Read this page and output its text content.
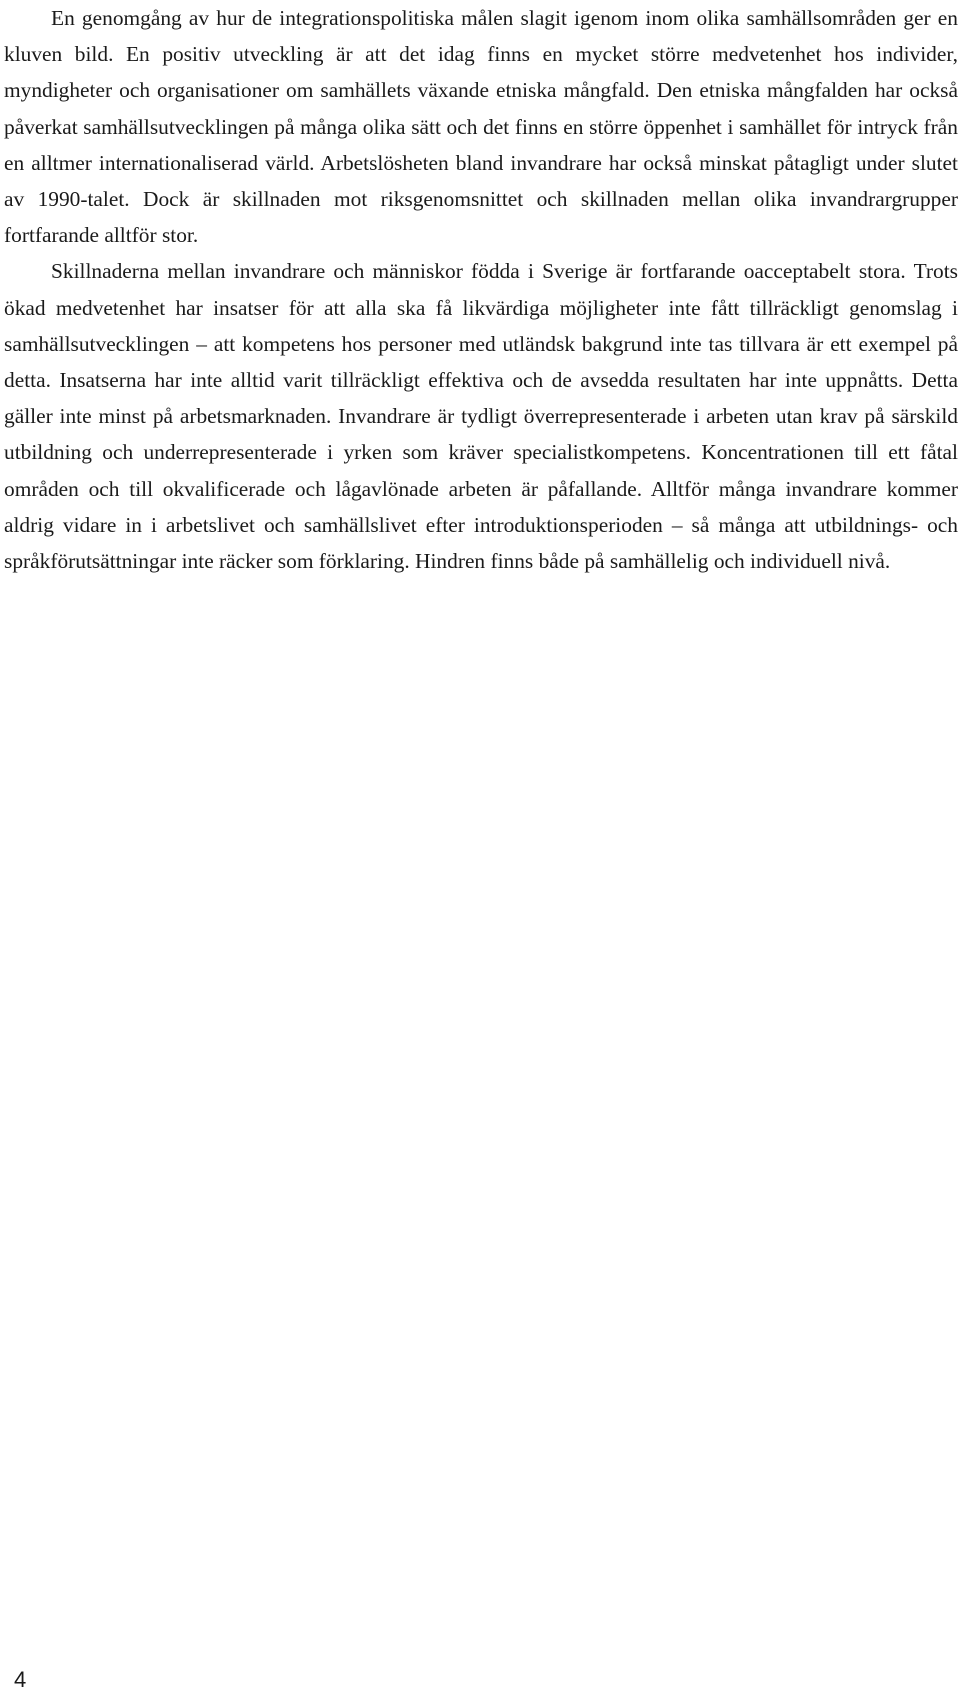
En genomgång av hur de integrationspolitiska målen slagit igenom inom olika samhällsområden ger en kluven bild. En positiv utveckling är att det idag finns en mycket större medvetenhet hos individer, myndigheter och organisationer om samhällets växande etniska mångfald. Den etniska mångfalden har också påverkat samhällsutvecklingen på många olika sätt och det finns en större öppenhet i samhället för intryck från en alltmer internationaliserad värld. Arbetslösheten bland invandrare har också minskat påtagligt under slutet av 1990-talet. Dock är skillnaden mot riksgenomsnittet och skillnaden mellan olika invandrargrupper fortfarande alltför stor.

Skillnaderna mellan invandrare och människor födda i Sverige är fortfarande oacceptabelt stora. Trots ökad medvetenhet har insatser för att alla ska få likvärdiga möjligheter inte fått tillräckligt genomslag i samhällsutvecklingen – att kompetens hos personer med utländsk bakgrund inte tas tillvara är ett exempel på detta. Insatserna har inte alltid varit tillräckligt effektiva och de avsedda resultaten har inte uppnåtts. Detta gäller inte minst på arbetsmarknaden. Invandrare är tydligt överrepresenterade i arbeten utan krav på särskild utbildning och underrepresenterade i yrken som kräver specialistkompetens. Koncentrationen till ett fåtal områden och till okvalificerade och lågavlönade arbeten är påfallande. Alltför många invandrare kommer aldrig vidare in i arbetslivet och samhällslivet efter introduktionsperioden – så många att utbildnings- och språkförutsättningar inte räcker som förklaring. Hindren finns både på samhällelig och individuell nivå.

4
